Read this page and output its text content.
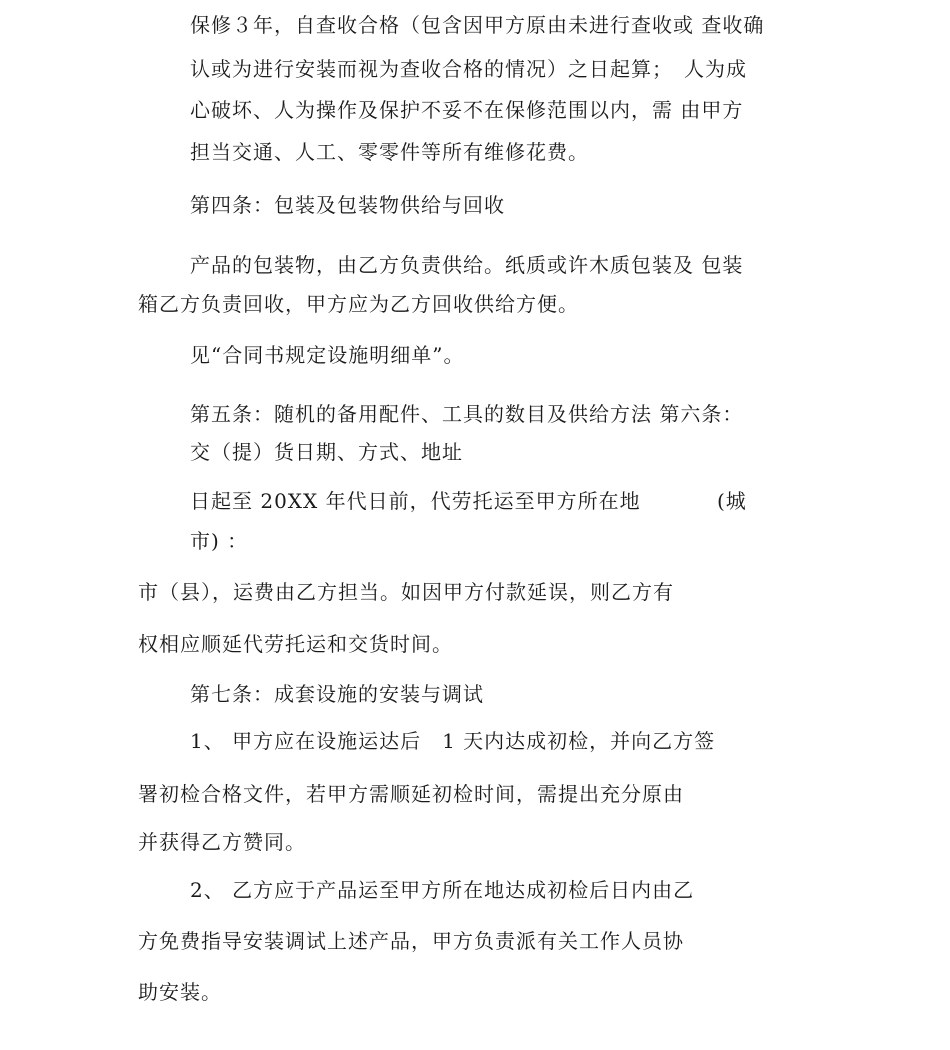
保修３年，自查收合格（包含因甲方原由未进行查收或 查收确
认或为进行安装而视为查收合格的情况）之日起算；　人为成
心破坏、人为操作及保护不妥不在保修范围以内，需 由甲方
担当交通、人工、零零件等所有维修花费。
第四条：包装及包装物供给与回收
产品的包装物，由乙方负责供给。纸质或许木质包装及 包装
箱乙方负责回收，甲方应为乙方回收供给方便。
见“合同书规定设施明细单”。
第五条：随机的备用配件、工具的数目及供给方法 第六条：
交（提）货日期、方式、地址
日起至 20XX 年代日前，代劳托运至甲方所在地	(城
市) ：
市（县），运费由乙方担当。如因甲方付款延误，则乙方有
权相应顺延代劳托运和交货时间。
第七条：成套设施的安装与调试
1、 甲方应在设施运达后　1 天内达成初检，并向乙方签
署初检合格文件，若甲方需顺延初检时间，需提出充分原由
并获得乙方赞同。
2、 乙方应于产品运至甲方所在地达成初检后日内由乙
方免费指导安装调试上述产品，甲方负责派有关工作人员协
助安装。
